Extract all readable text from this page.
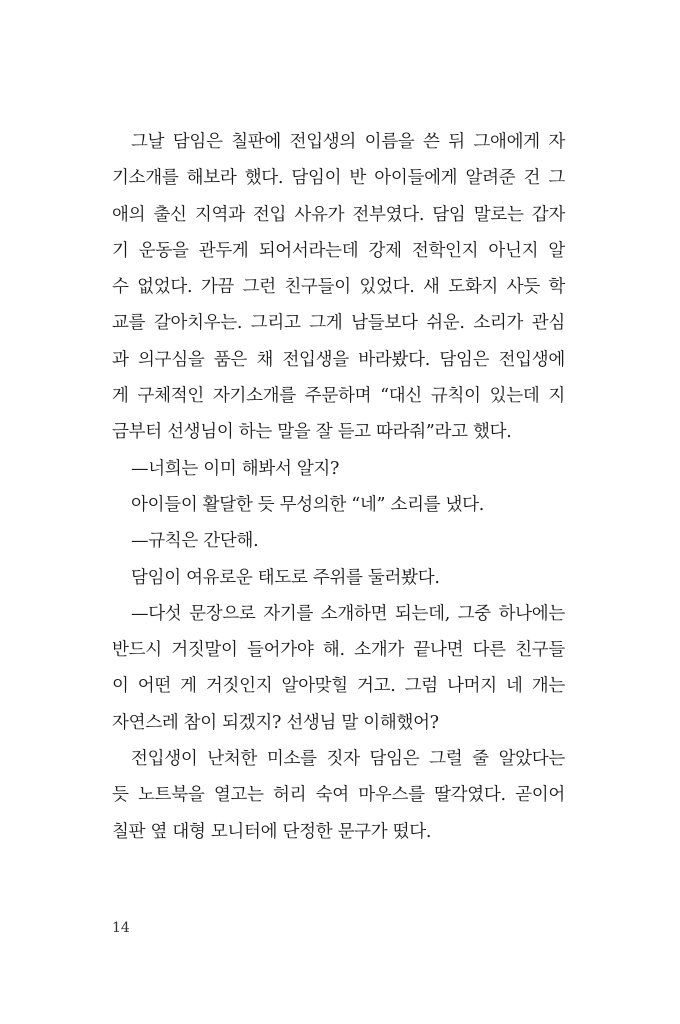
그날 담임은 칠판에 전입생의 이름을 쓴 뒤 그애에게 자
기소개를 해보라 했다. 담임이 반 아이들에게 알려준 건 그
애의 출신 지역과 전입 사유가 전부였다. 담임 말로는 갑자
기 운동을 관두게 되어서라는데 강제 전학인지 아닌지 알
수 없었다. 가끔 그런 친구들이 있었다. 새 도화지 사듯 학
교를 갈아치우는. 그리고 그게 남들보다 쉬운. 소리가 관심
과 의구심을 품은 채 전입생을 바라봤다. 담임은 전입생에
게 구체적인 자기소개를 주문하며 “대신 규칙이 있는데 지
금부터 선생님이 하는 말을 잘 듣고 따라줘”라고 했다.
—너희는 이미 해봐서 알지?
아이들이 활달한 듯 무성의한 “네” 소리를 냈다.
—규칙은 간단해.
담임이 여유로운 태도로 주위를 둘러봤다.
—다섯 문장으로 자기를 소개하면 되는데, 그중 하나에는
반드시 거짓말이 들어가야 해. 소개가 끝나면 다른 친구들
이 어떤 게 거짓인지 알아맞힐 거고. 그럼 나머지 네 개는
자연스레 참이 되겠지? 선생님 말 이해했어?
전입생이 난처한 미소를 짓자 담임은 그럴 줄 알았다는
듯 노트북을 열고는 허리 숙여 마우스를 딸각였다. 곧이어
칠판 옆 대형 모니터에 단정한 문구가 떴다.
14
